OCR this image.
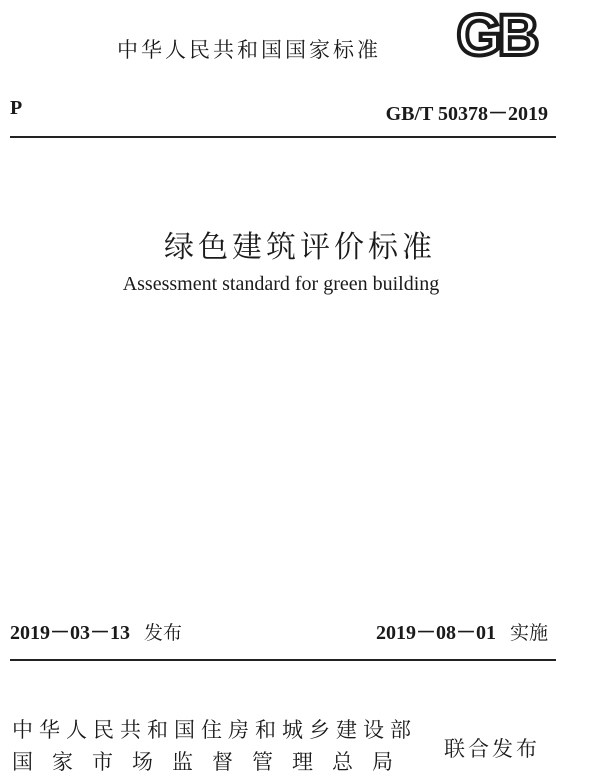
中华人民共和国国家标准 GB
P	GB/T 50378－2019
绿色建筑评价标准
Assessment standard for green building
2019－03－13 发布	2019－08－01 实施
中华人民共和国住房和城乡建设部
国家市场监督管理总局
联合发布
